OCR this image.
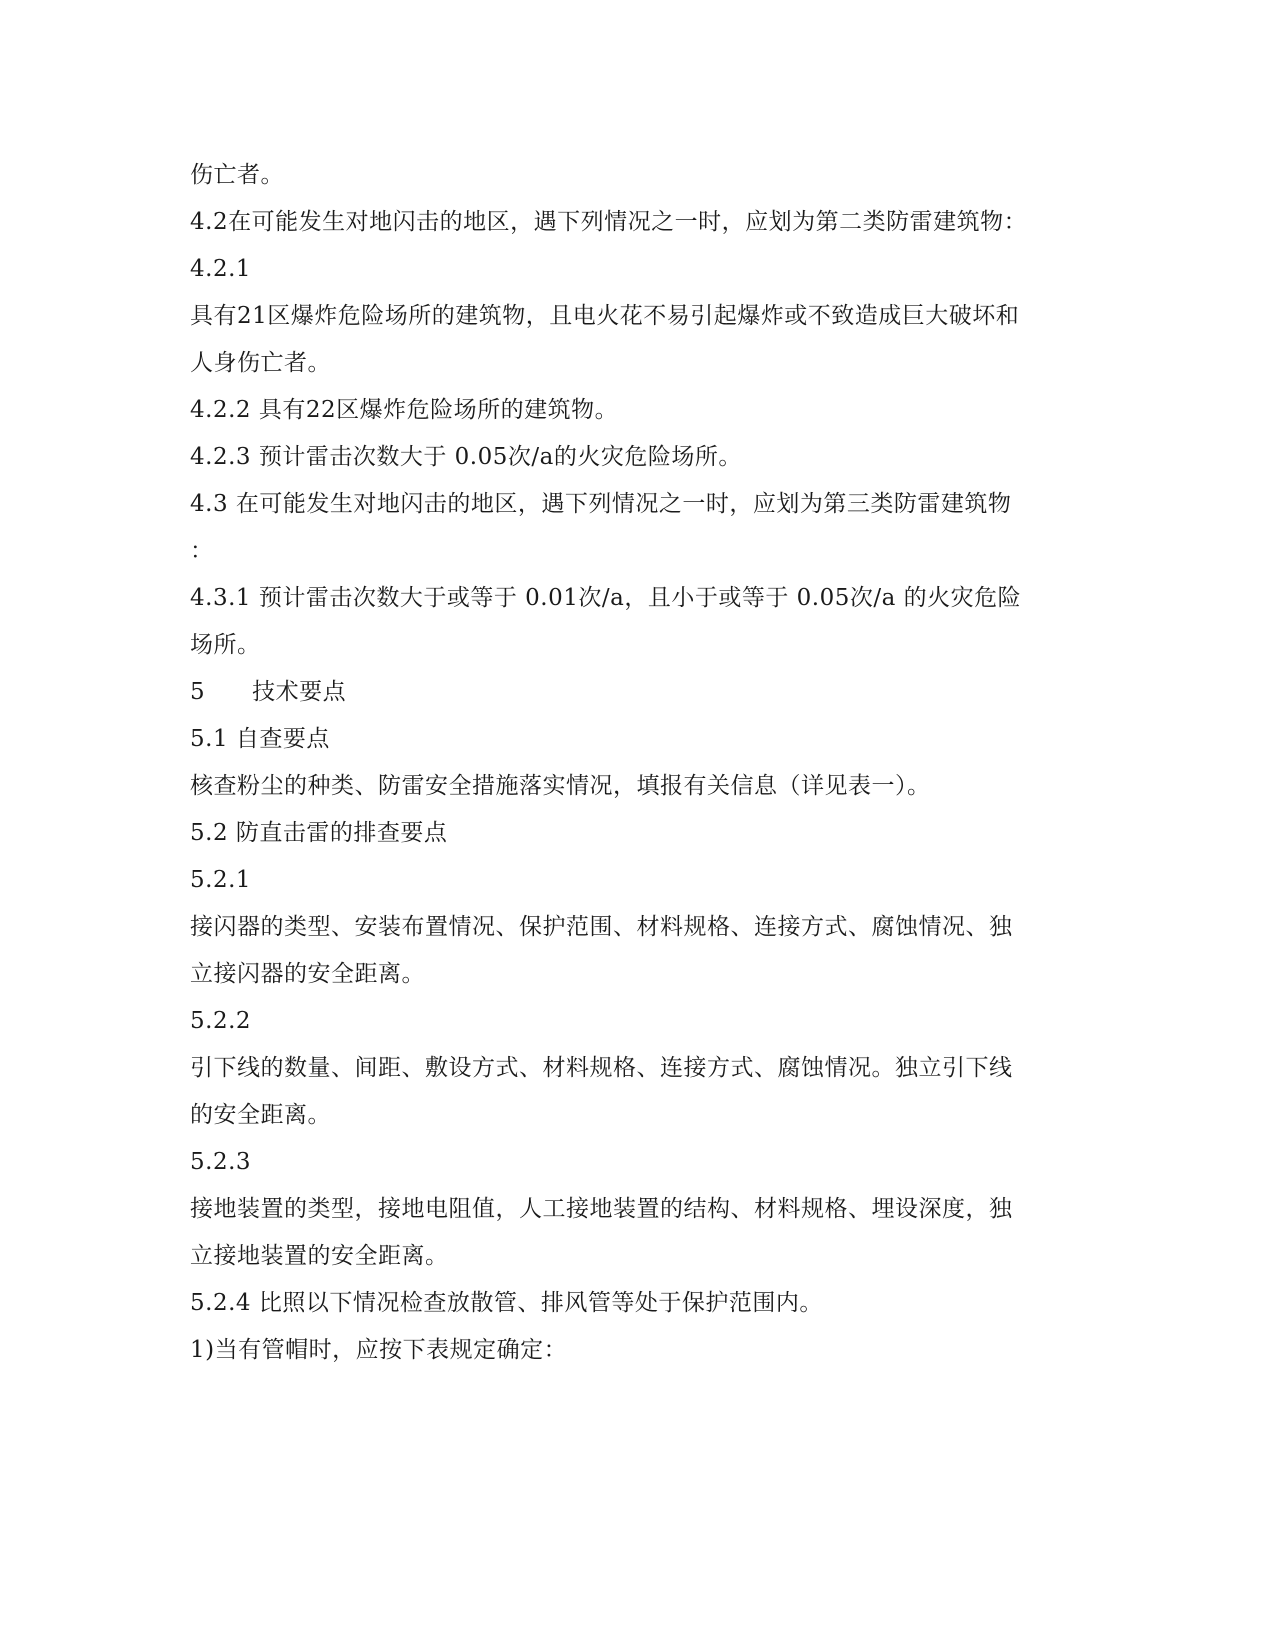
伤亡者。
4.2在可能发生对地闪击的地区，遇下列情况之一时，应划为第二类防雷建筑物：
4.2.1
具有21区爆炸危险场所的建筑物，且电火花不易引起爆炸或不致造成巨大破坏和
人身伤亡者。
4.2.2 具有22区爆炸危险场所的建筑物。
4.2.3 预计雷击次数大于 0.05次/a的火灾危险场所。
4.3 在可能发生对地闪击的地区，遇下列情况之一时，应划为第三类防雷建筑物
：
4.3.1 预计雷击次数大于或等于 0.01次/a，且小于或等于 0.05次/a 的火灾危险
场所。
5　　技术要点
5.1 自查要点
核查粉尘的种类、防雷安全措施落实情况，填报有关信息（详见表一）。
5.2 防直击雷的排查要点
5.2.1
接闪器的类型、安装布置情况、保护范围、材料规格、连接方式、腐蚀情况、独
立接闪器的安全距离。
5.2.2
引下线的数量、间距、敷设方式、材料规格、连接方式、腐蚀情况。独立引下线
的安全距离。
5.2.3
接地装置的类型，接地电阻值，人工接地装置的结构、材料规格、埋设深度，独
立接地装置的安全距离。
5.2.4 比照以下情况检查放散管、排风管等处于保护范围内。
1)当有管帽时，应按下表规定确定：
